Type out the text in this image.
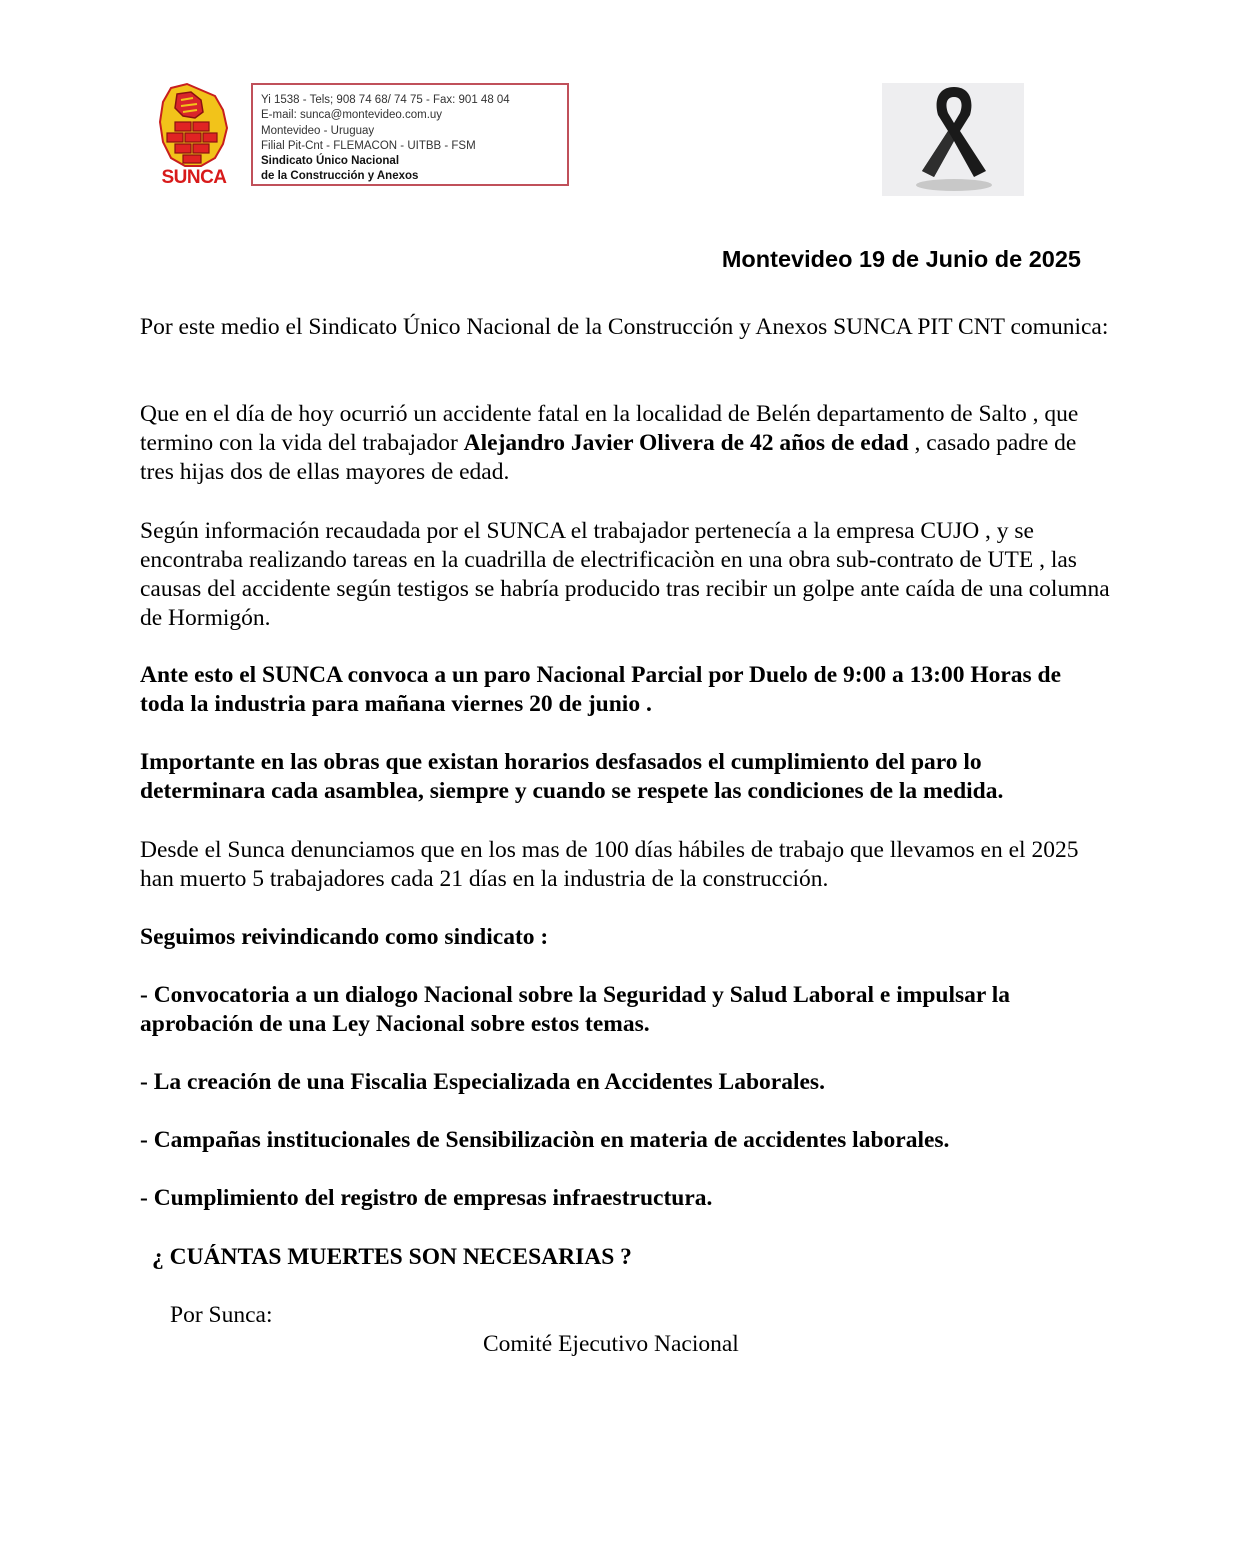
SUNCA
Yi 1538 - Tels; 908 74 68/ 74 75 - Fax: 901 48 04
E-mail: sunca@montevideo.com.uy
Montevideo - Uruguay
Filial Pit-Cnt - FLEMACON - UITBB - FSM
Sindicato Único Nacional
de la Construcción y Anexos
Montevideo 19 de Junio de 2025

Por este medio el Sindicato Único Nacional de la Construcción y Anexos SUNCA PIT CNT comunica:

Que en el día de hoy ocurrió un accidente fatal en la localidad de Belén departamento de Salto , que termino con la vida del trabajador Alejandro Javier Olivera de 42 años de edad , casado padre de tres hijas dos de ellas mayores de edad.

Según información recaudada por el SUNCA el trabajador pertenecía a la empresa CUJO , y se encontraba realizando tareas en la cuadrilla de electrificaciòn en una obra sub-contrato de UTE , las causas del accidente según testigos se habría producido tras recibir un golpe ante caída de una columna de Hormigón.

Ante esto el SUNCA convoca a un paro Nacional Parcial por Duelo de 9:00 a 13:00 Horas de toda la industria para mañana viernes 20 de junio .

Importante en las obras que existan horarios desfasados el cumplimiento del paro lo determinara cada asamblea, siempre y cuando se respete las condiciones de la medida.

Desde el Sunca denunciamos que en los mas de 100 días hábiles de trabajo que llevamos en el 2025 han muerto 5 trabajadores cada 21 días en la industria de la construcción.

Seguimos reivindicando como sindicato :

- Convocatoria a un dialogo Nacional sobre la Seguridad y Salud Laboral e impulsar la aprobación de una Ley Nacional sobre estos temas.

- La creación de una Fiscalia Especializada en Accidentes Laborales.

- Campañas institucionales de Sensibilizaciòn en materia de accidentes laborales.

- Cumplimiento del registro de empresas infraestructura.

¿ CUÁNTAS MUERTES SON NECESARIAS ?

Por Sunca:

Comité Ejecutivo Nacional
